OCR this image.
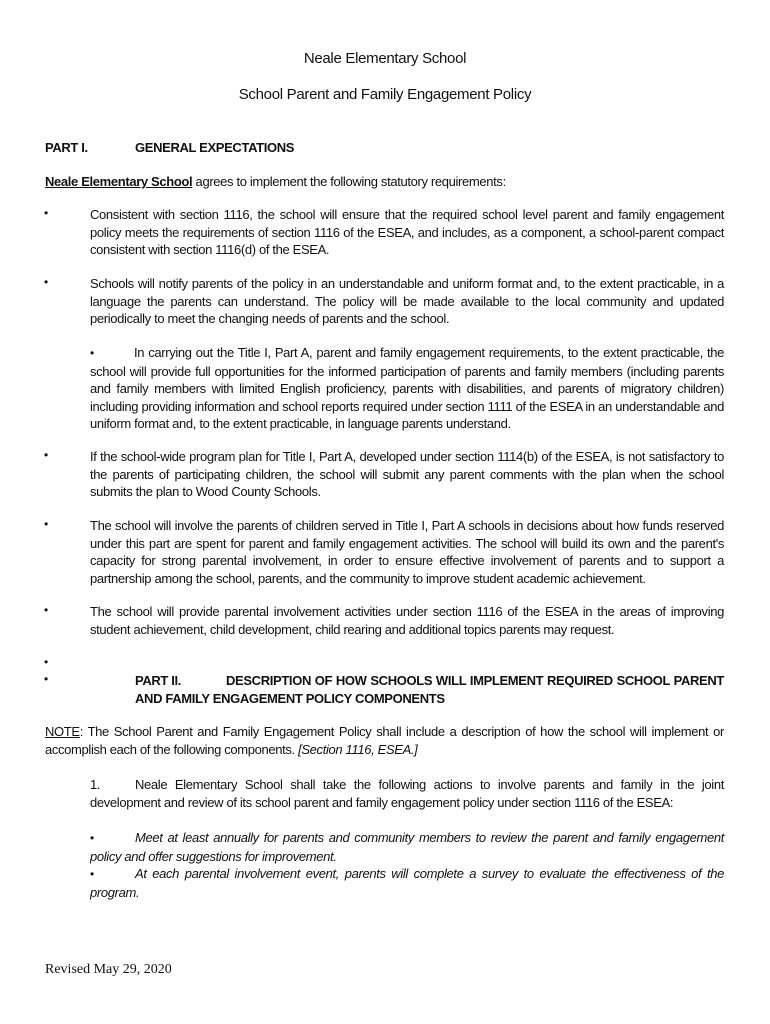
Neale Elementary School
School Parent and Family Engagement Policy
PART I.	GENERAL EXPECTATIONS
Neale Elementary School agrees to implement the following statutory requirements:
•	Consistent with section 1116, the school will ensure that the required school level parent and family engagement policy meets the requirements of section 1116 of the ESEA, and includes, as a component, a school-parent compact consistent with section 1116(d) of the ESEA.
•	Schools will notify parents of the policy in an understandable and uniform format and, to the extent practicable, in a language the parents can understand. The policy will be made available to the local community and updated periodically to meet the changing needs of parents and the school.
•	In carrying out the Title I, Part A, parent and family engagement requirements, to the extent practicable, the school will provide full opportunities for the informed participation of parents and family members (including parents and family members with limited English proficiency, parents with disabilities, and parents of migratory children) including providing information and school reports required under section 1111 of the ESEA in an understandable and uniform format and, to the extent practicable, in language parents understand.
•	If the school-wide program plan for Title I, Part A, developed under section 1114(b) of the ESEA, is not satisfactory to the parents of participating children, the school will submit any parent comments with the plan when the school submits the plan to Wood County Schools.
•	The school will involve the parents of children served in Title I, Part A schools in decisions about how funds reserved under this part are spent for parent and family engagement activities. The school will build its own and the parent's capacity for strong parental involvement, in order to ensure effective involvement of parents and to support a partnership among the school, parents, and the community to improve student academic achievement.
•	The school will provide parental involvement activities under section 1116 of the ESEA in the areas of improving student achievement, child development, child rearing and additional topics parents may request.
•
•	PART II.	DESCRIPTION OF HOW SCHOOLS WILL IMPLEMENT REQUIRED SCHOOL PARENT AND FAMILY ENGAGEMENT POLICY COMPONENTS
NOTE: The School Parent and Family Engagement Policy shall include a description of how the school will implement or accomplish each of the following components. [Section 1116, ESEA.]
1.	Neale Elementary School shall take the following actions to involve parents and family in the joint development and review of its school parent and family engagement policy under section 1116 of the ESEA:
•	Meet at least annually for parents and community members to review the parent and family engagement policy and offer suggestions for improvement.
•	At each parental involvement event, parents will complete a survey to evaluate the effectiveness of the program.
Revised May 29, 2020
